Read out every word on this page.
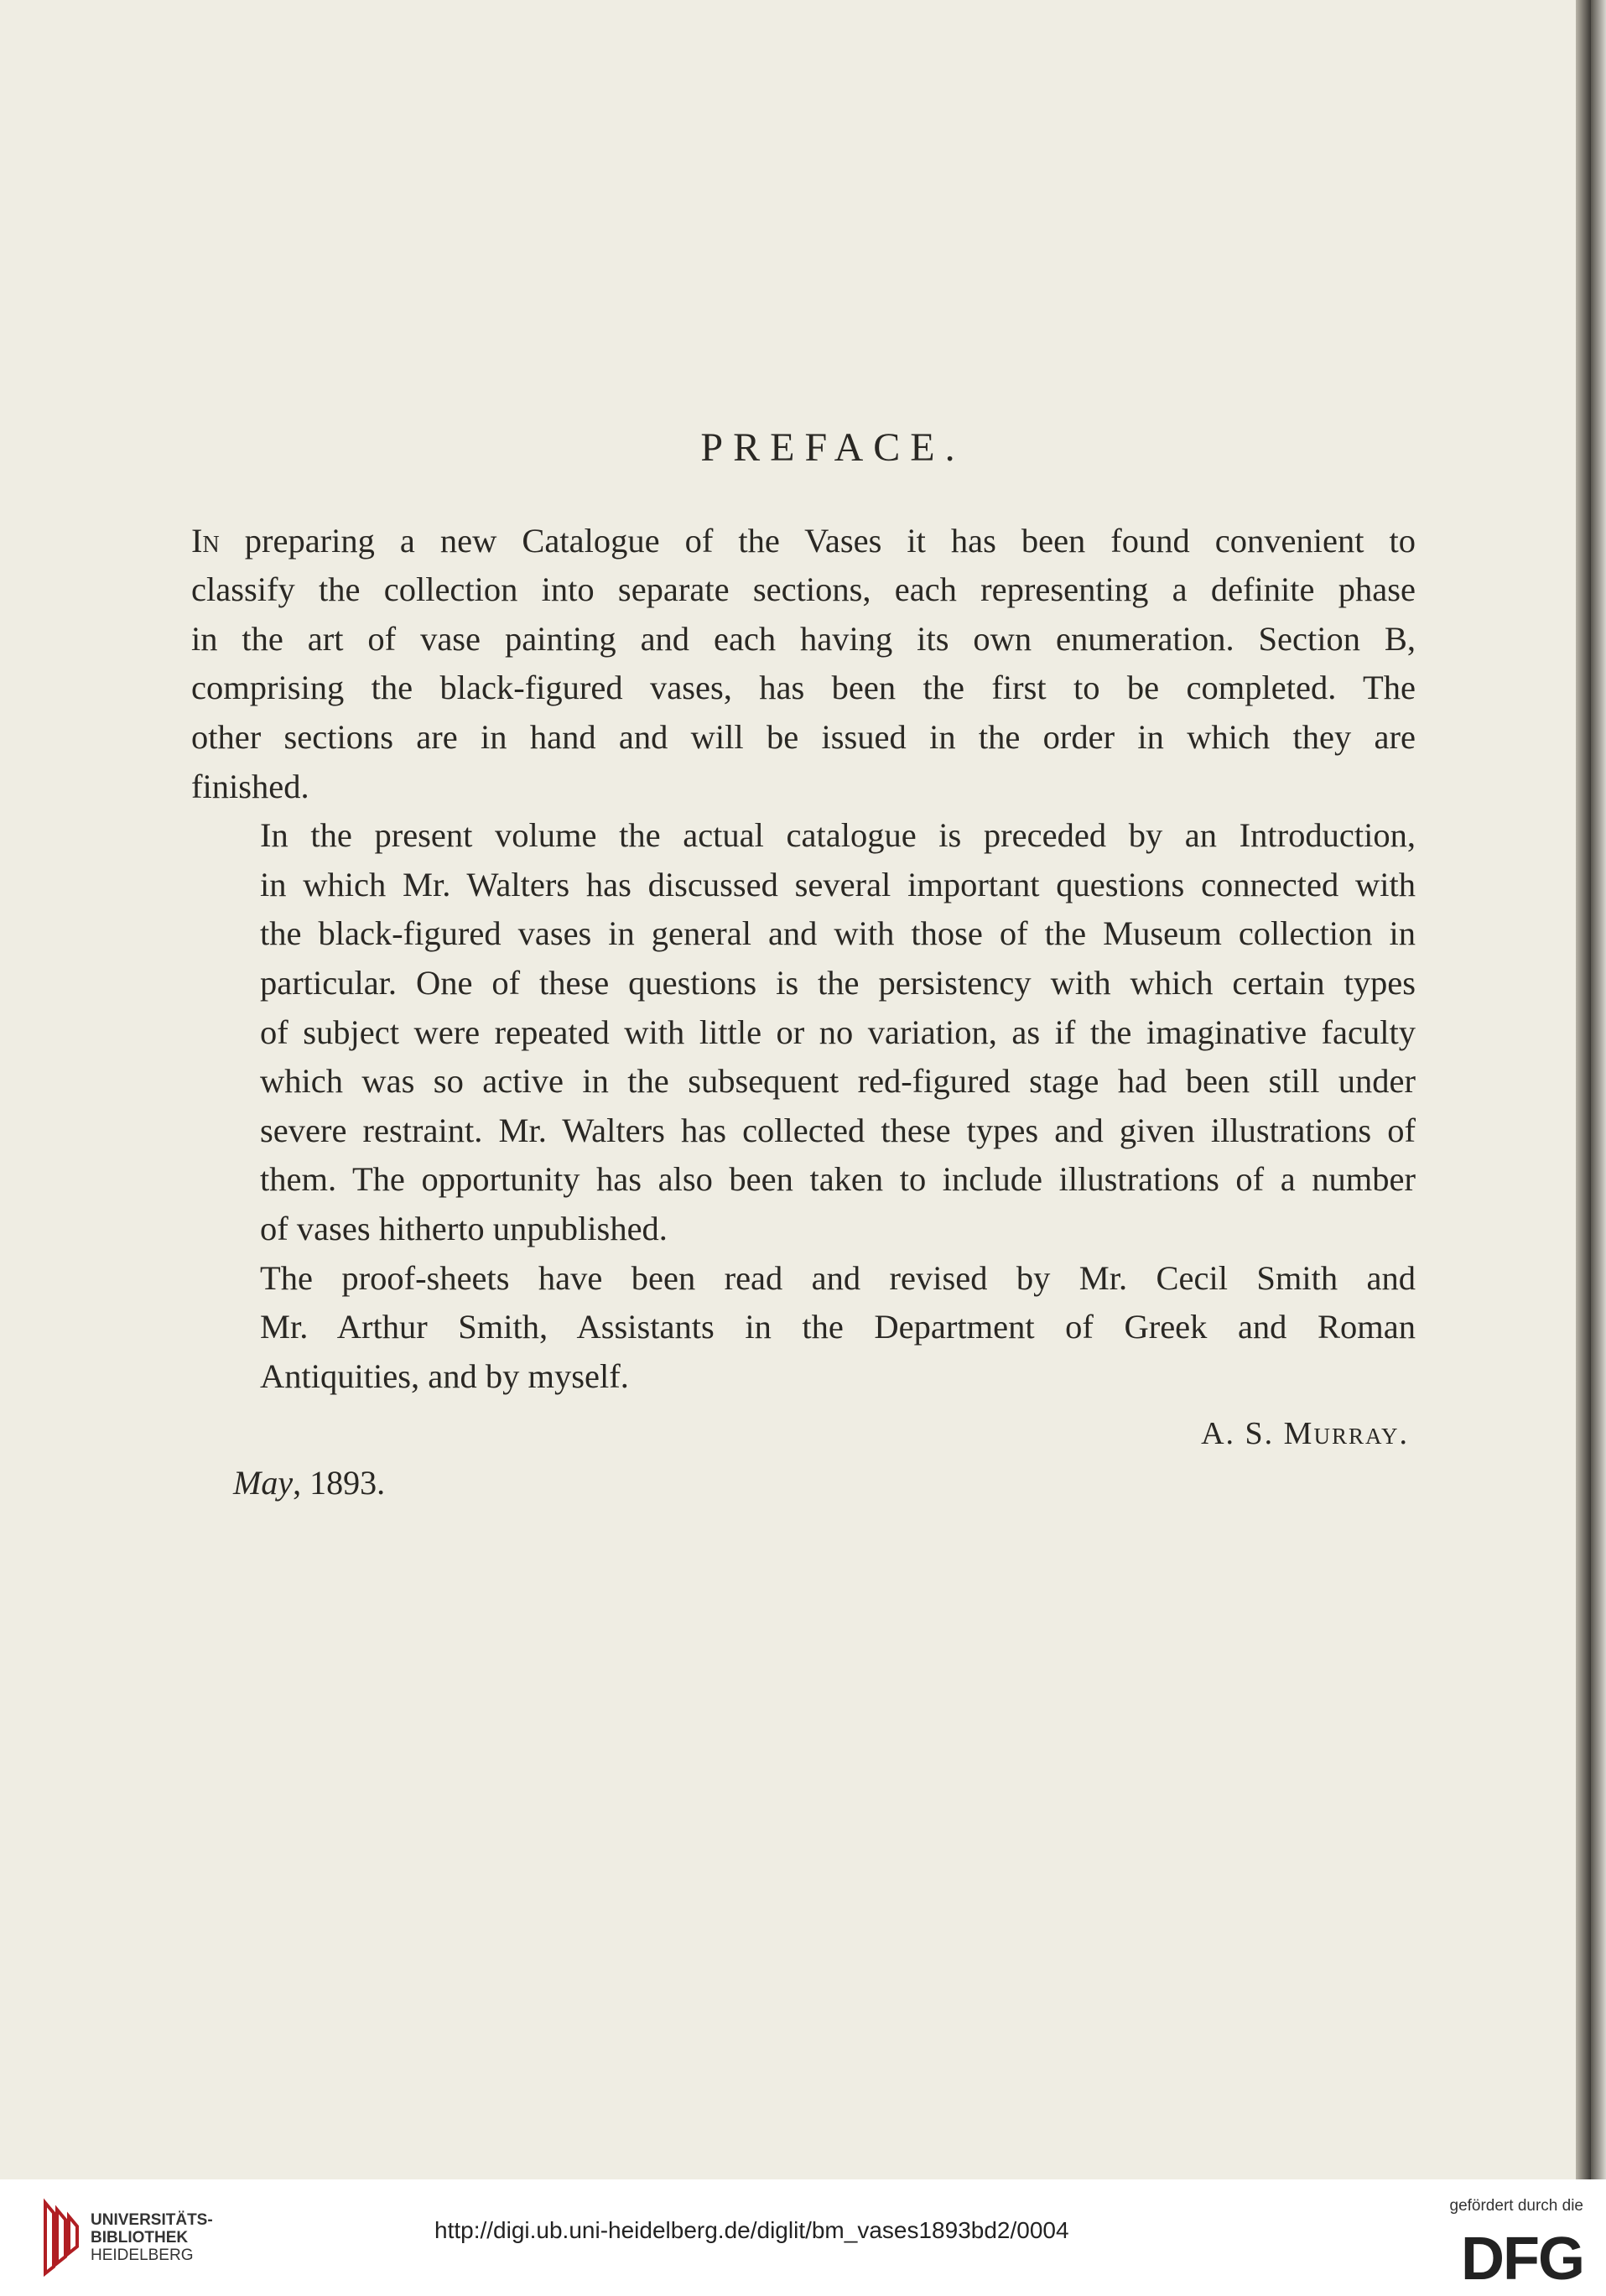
PREFACE.

In preparing a new Catalogue of the Vases it has been found convenient to
classify the collection into separate sections, each representing a definite phase
in the art of vase painting and each having its own enumeration. Section B,
comprising the black-figured vases, has been the first to be completed. The
other sections are in hand and will be issued in the order in which they are
finished.

In the present volume the actual catalogue is preceded by an Introduction,
in which Mr. Walters has discussed several important questions connected with
the black-figured vases in general and with those of the Museum collection in
particular. One of these questions is the persistency with which certain types
of subject were repeated with little or no variation, as if the imaginative faculty
which was so active in the subsequent red-figured stage had been still under
severe restraint. Mr. Walters has collected these types and given illustrations of
them. The opportunity has also been taken to include illustrations of a number
of vases hitherto unpublished.

The proof-sheets have been read and revised by Mr. Cecil Smith and
Mr. Arthur Smith, Assistants in the Department of Greek and Roman
Antiquities, and by myself.

A. S. Murray.
May, 1893.
UNIVERSITÄTS-
BIBLIOTHEK
HEIDELBERG
http://digi.ub.uni-heidelberg.de/diglit/bm_vases1893bd2/0004
gefördert durch die
DFG
